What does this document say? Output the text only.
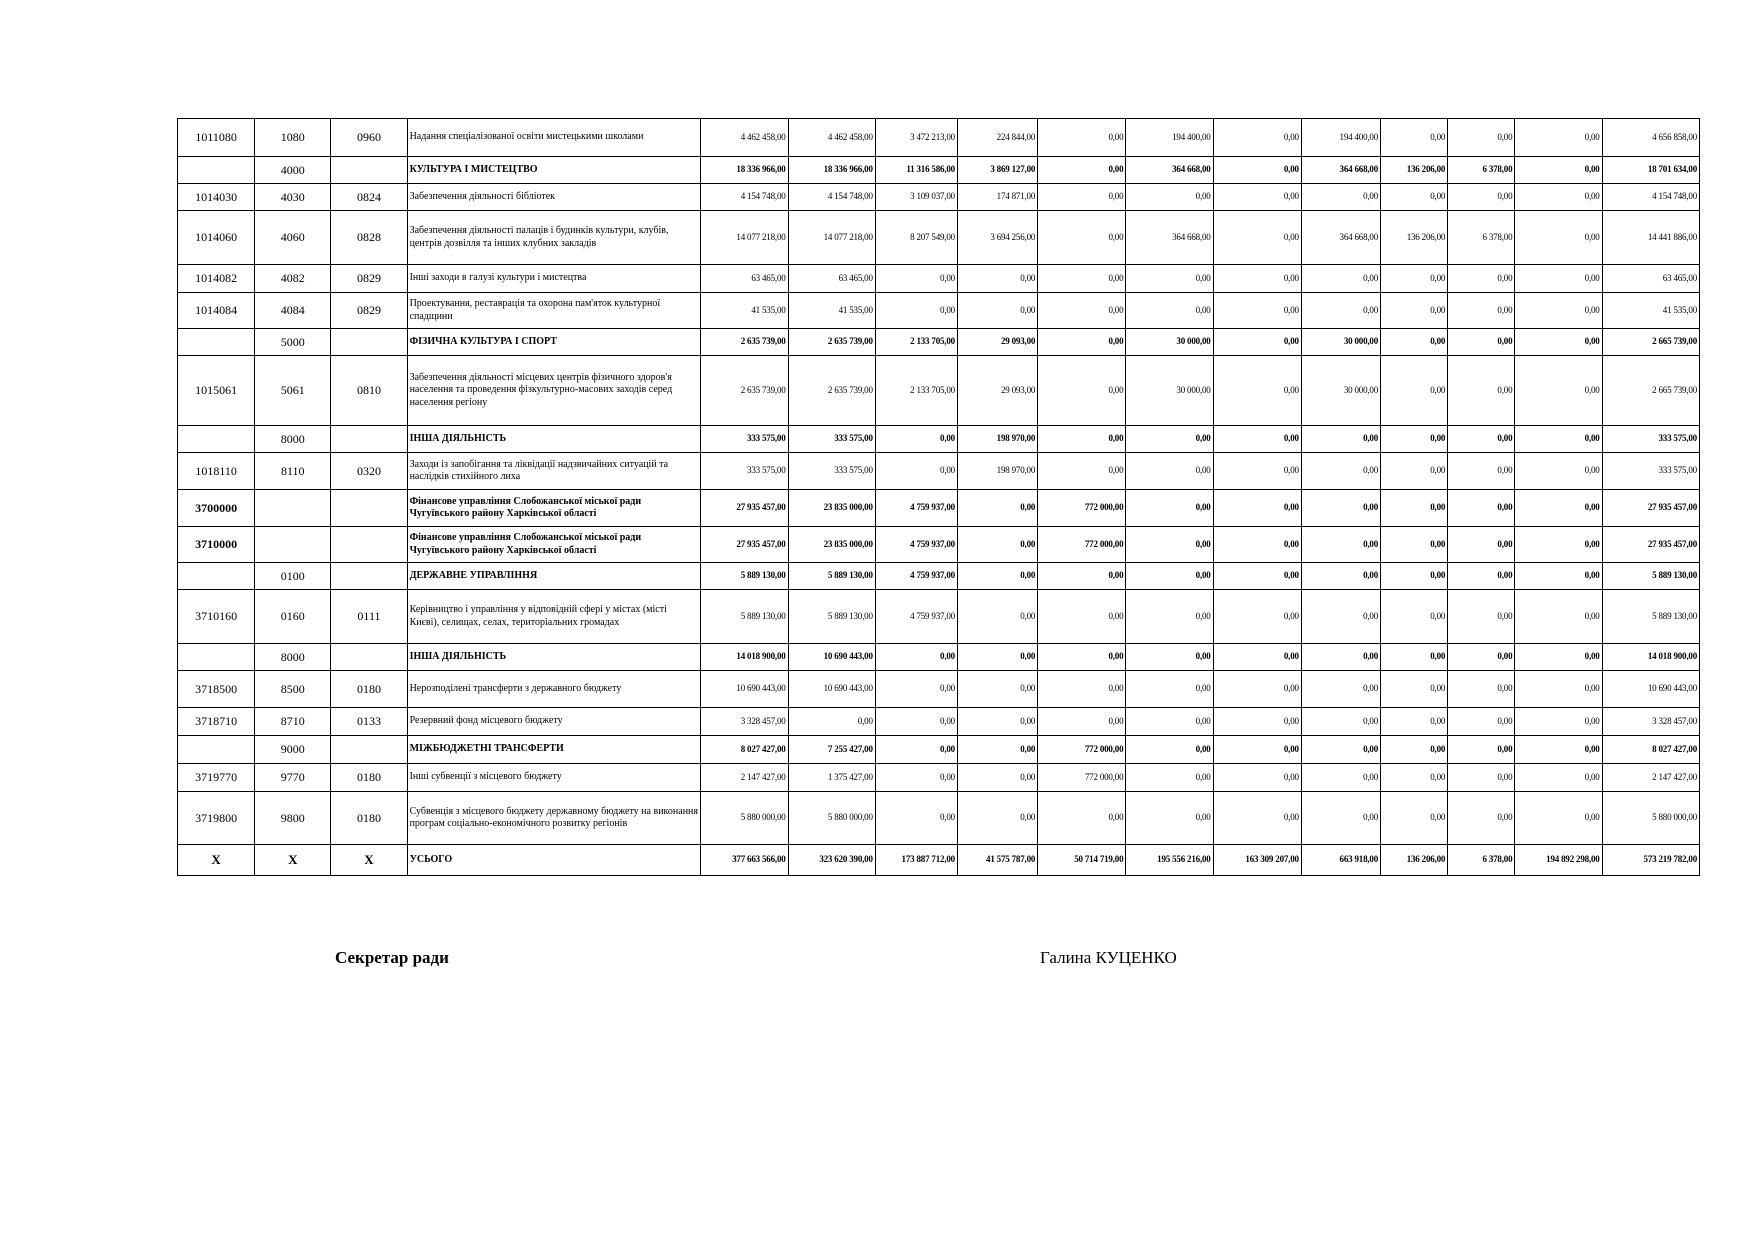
1011080	1080	0960	Надання спеціалізованої освіти мистецькими школами	4 462 458,00	4 462 458,00	3 472 213,00	224 844,00	0,00	194 400,00	0,00	194 400,00	0,00	0,00	0,00	4 656 858,00
	4000		КУЛЬТУРА І МИСТЕЦТВО	18 336 966,00	18 336 966,00	11 316 586,00	3 869 127,00	0,00	364 668,00	0,00	364 668,00	136 206,00	6 378,00	0,00	18 701 634,00
1014030	4030	0824	Забезпечення діяльності бібліотек	4 154 748,00	4 154 748,00	3 109 037,00	174 871,00	0,00	0,00	0,00	0,00	0,00	0,00	0,00	4 154 748,00
1014060	4060	0828	Забезпечення діяльності палаців i будинків культури, клубів, центрів дозвілля та iнших клубних закладів	14 077 218,00	14 077 218,00	8 207 549,00	3 694 256,00	0,00	364 668,00	0,00	364 668,00	136 206,00	6 378,00	0,00	14 441 886,00
1014082	4082	0829	Інші заходи в галузі культури і мистецтва	63 465,00	63 465,00	0,00	0,00	0,00	0,00	0,00	0,00	0,00	0,00	0,00	63 465,00
1014084	4084	0829	Проектування, реставрація та охорона пам'яток культурної спадщини	41 535,00	41 535,00	0,00	0,00	0,00	0,00	0,00	0,00	0,00	0,00	0,00	41 535,00
	5000		ФІЗИЧНА КУЛЬТУРА І СПОРТ	2 635 739,00	2 635 739,00	2 133 705,00	29 093,00	0,00	30 000,00	0,00	30 000,00	0,00	0,00	0,00	2 665 739,00
1015061	5061	0810	Забезпечення діяльності місцевих центрів фізичного здоров'я населення та проведення фізкультурно-масових заходів серед населення регіону	2 635 739,00	2 635 739,00	2 133 705,00	29 093,00	0,00	30 000,00	0,00	30 000,00	0,00	0,00	0,00	2 665 739,00
	8000		ІНША ДІЯЛЬНІСТЬ	333 575,00	333 575,00	0,00	198 970,00	0,00	0,00	0,00	0,00	0,00	0,00	0,00	333 575,00
1018110	8110	0320	Заходи із запобігання та ліквідації надзвичайних ситуацій та наслідків стихійного лиха	333 575,00	333 575,00	0,00	198 970,00	0,00	0,00	0,00	0,00	0,00	0,00	0,00	333 575,00
3700000			Фінансове управління Слобожанської міської ради Чугуївського району Харківської області	27 935 457,00	23 835 000,00	4 759 937,00	0,00	772 000,00	0,00	0,00	0,00	0,00	0,00	0,00	27 935 457,00
3710000			Фінансове управління Слобожанської міської ради Чугуївського району Харківської області	27 935 457,00	23 835 000,00	4 759 937,00	0,00	772 000,00	0,00	0,00	0,00	0,00	0,00	0,00	27 935 457,00
	0100		ДЕРЖАВНЕ УПРАВЛІННЯ	5 889 130,00	5 889 130,00	4 759 937,00	0,00	0,00	0,00	0,00	0,00	0,00	0,00	0,00	5 889 130,00
3710160	0160	0111	Керівництво і управління у відповідній сфері у містах (місті Києві), селищах, селах, територіальних громадах	5 889 130,00	5 889 130,00	4 759 937,00	0,00	0,00	0,00	0,00	0,00	0,00	0,00	0,00	5 889 130,00
	8000		ІНША ДІЯЛЬНІСТЬ	14 018 900,00	10 690 443,00	0,00	0,00	0,00	0,00	0,00	0,00	0,00	0,00	0,00	14 018 900,00
3718500	8500	0180	Нерозподілені трансферти з державного бюджету	10 690 443,00	10 690 443,00	0,00	0,00	0,00	0,00	0,00	0,00	0,00	0,00	0,00	10 690 443,00
3718710	8710	0133	Резервний фонд місцевого бюджету	3 328 457,00	0,00	0,00	0,00	0,00	0,00	0,00	0,00	0,00	0,00	0,00	3 328 457,00
	9000		МІЖБЮДЖЕТНІ ТРАНСФЕРТИ	8 027 427,00	7 255 427,00	0,00	0,00	772 000,00	0,00	0,00	0,00	0,00	0,00	0,00	8 027 427,00
3719770	9770	0180	Інші субвенції з місцевого бюджету	2 147 427,00	1 375 427,00	0,00	0,00	772 000,00	0,00	0,00	0,00	0,00	0,00	0,00	2 147 427,00
3719800	9800	0180	Субвенція з місцевого бюджету державному бюджету на виконання програм соціально-економічного розвитку регіонів	5 880 000,00	5 880 000,00	0,00	0,00	0,00	0,00	0,00	0,00	0,00	0,00	0,00	5 880 000,00
X	X	X	УСЬОГО	377 663 566,00	323 620 390,00	173 887 712,00	41 575 787,00	50 714 719,00	195 556 216,00	163 309 207,00	663 918,00	136 206,00	6 378,00	194 892 298,00	573 219 782,00
Секретар ради	Галина КУЦЕНКО
